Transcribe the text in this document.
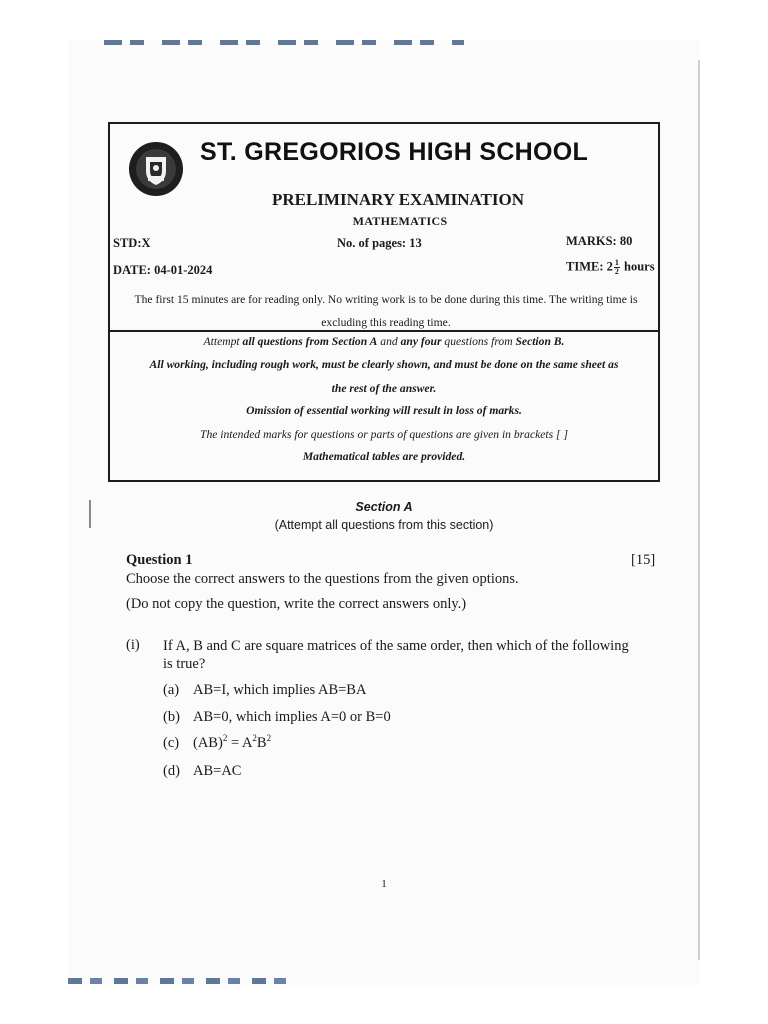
ST. GREGORIOS HIGH SCHOOL
PRELIMINARY EXAMINATION
MATHEMATICS
STD:X	No. of pages: 13	MARKS: 80
DATE: 04-01-2024	TIME: $2 \frac{1}{2}$ hours
The first 15 minutes are for reading only. No writing work is to be done during this time. The writing time is excluding this reading time.
Attempt all questions from Section A and any four questions from Section B.
All working, including rough work, must be clearly shown, and must be done on the same sheet as
the rest of the answer.
Omission of essential working will result in loss of marks.
The intended marks for questions or parts of questions are given in brackets [ ]
Mathematical tables are provided.
Section A
(Attempt all questions from this section)
Question 1	[15]
Choose the correct answers to the questions from the given options.
(Do not copy the question, write the correct answers only.)
(i) If A, B and C are square matrices of the same order, then which of the following is true?
(a) AB=I, which implies AB=BA
(b) AB=0, which implies A=0 or B=0
(c) $(AB)^2 = A^2B^2$
(d) AB=AC
1
